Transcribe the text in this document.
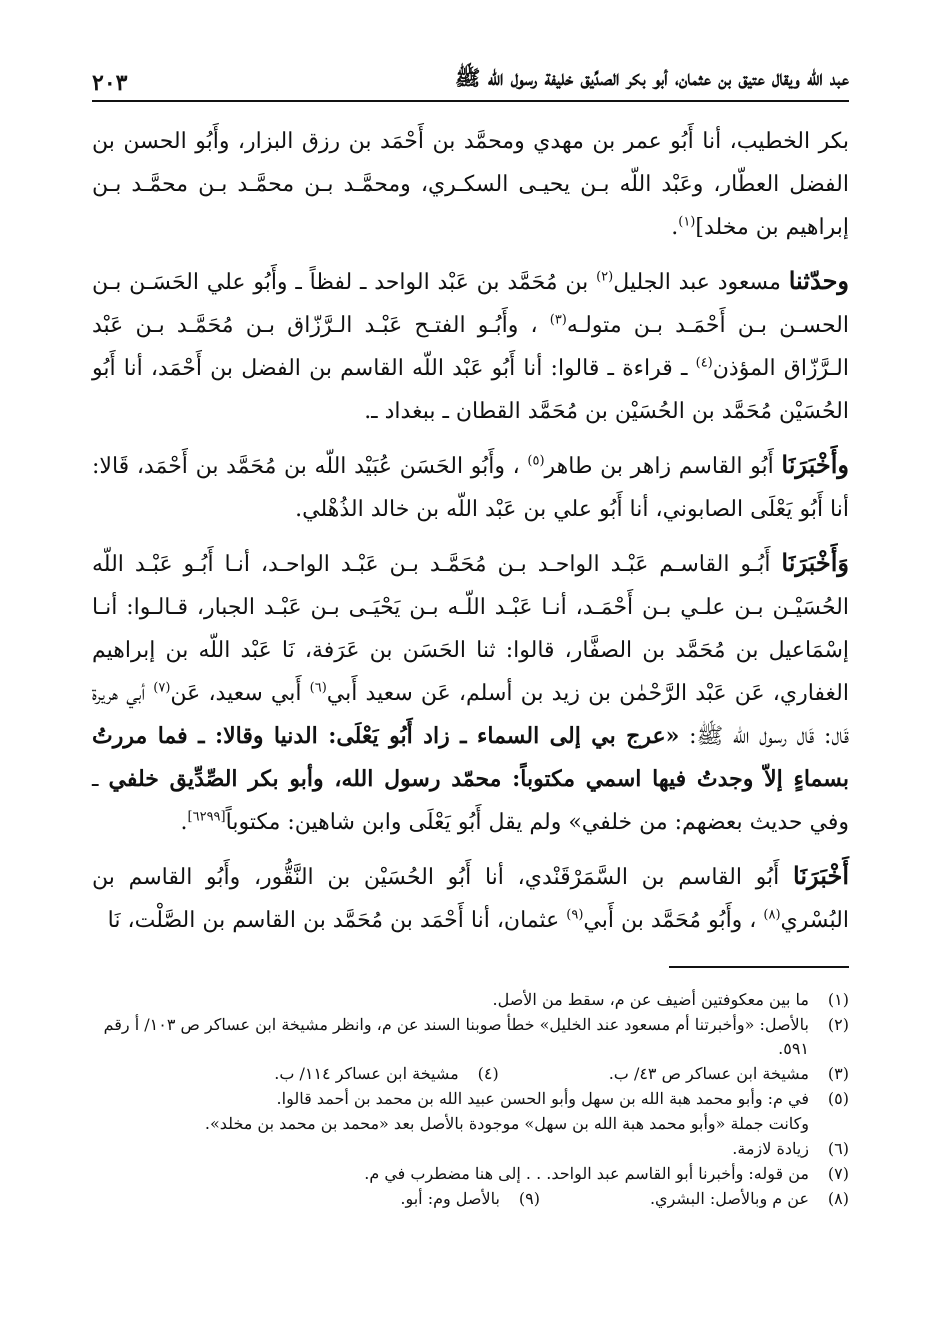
عبد الله ويقال عتيق بن عثمان، أبو بكر الصدِّيق خليفة رسول الله ﷺ
٢٠٣

بكر الخطيب، أنا أَبُو عمر بن مهدي ومحمَّد بن أَحْمَد بن رزق البزار، وأَبُو الحسن بن الفضل العطّار، وعَبْد اللّه بـن يحيـى السكـري، ومحمَّـد بـن محمَّـد بـن محمَّـد بـن إبراهيم بن مخلد]$^{(١)}$.

وحدّثنا مسعود عبد الجليل$^{(٢)}$ بن مُحَمَّد بن عَبْد الواحد ـ لفظاً ـ وأَبُو علي الحَسَـن بـن الحسـن بـن أَحْمَـد بـن متولـه$^{(٣)}$ ، وأَبُـو الفتـح عَبْـد الـرَّزّاق بـن مُحَمَّـد بـن عَبْد الـرَّزّاق المؤذن$^{(٤)}$ ـ قراءة ـ قالوا: أنا أَبُو عَبْد اللّه القاسم بن الفضل بن أَحْمَد، أنا أَبُو الحُسَيْن مُحَمَّد بن الحُسَيْن بن مُحَمَّد القطان ـ ببغداد ـ.

وأَخْبَرَنَا أَبُو القاسم زاهر بن طاهر$^{(٥)}$ ، وأَبُو الحَسَن عُبَيْد اللّه بن مُحَمَّد بن أَحْمَد، قَالا: أنا أَبُو يَعْلَى الصابوني، أنا أَبُو علي بن عَبْد اللّه بن خالد الذُهْلي.

وَأَخْبَرَنَا أَبُـو القاسـم عَبْـد الواحـد بـن مُحَمَّـد بـن عَبْـد الواحـد، أنـا أَبُـو عَبْـد اللّه الحُسَيْـن بـن علـي بـن أَحْمَـد، أنـا عَبْـد اللّـه بـن يَحْيَـى بـن عَبْـد الجبار، قـالـوا: أنـا إسْمَاعيل بن مُحَمَّد بن الصفَّار، قالوا: ثنا الحَسَن بن عَرَفة، نَا عَبْد اللّه بن إبراهيم الغفاري، عَن عَبْد الرَّحْمٰن بن زيد بن أسلم، عَن سعيد أَبي$^{(٦)}$ أَبي سعيد، عَن$^{(٧)}$ أبي هريرة قَال: قَال رسول اللّه ﷺ: «عرج بي إلى السماء ـ زاد أَبُو يَعْلَى: الدنيا وقالا: ـ فما مررتُ بسماءٍ إلاّ وجدتُ فيها اسمي مكتوباً: محمّد رسول الله، وأبو بكر الصِّدِّيق خلفي ـ وفي حديث بعضهم: من خلفي» ولم يقل أَبُو يَعْلَى وابن شاهين: مكتوباً[٦٢٩٩].

أَخْبَرَنَا أَبُو القاسم بن السَّمَرْقَنْدي، أنا أَبُو الحُسَيْن بن النَّقُّور، وأَبُو القاسم بن البُسْري$^{(٨)}$ ، وأَبُو مُحَمَّد بن أَبي$^{(٩)}$ عثمان، أنا أَحْمَد بن مُحَمَّد بن القاسم بن الصَّلْت، نَا

(١)
ما بين معكوفتين أضيف عن م، سقط من الأصل.
(٢)
بالأصل: «وأخبرتنا أم مسعود عند الخليل» خطأ صوبنا السند عن م، وانظر مشيخة ابن عساكر ص ١٠٣/ أ رقم ٥٩١.
(٣)
مشيخة ابن عساكر ص ٤٣/ ب.
(٤)
مشيخة ابن عساكر ١١٤/ ب.
(٥)
في م: وأبو محمد هبة الله بن سهل وأبو الحسن عبيد الله بن محمد بن أحمد قالوا.
وكانت جملة «وأبو محمد هبة الله بن سهل» موجودة بالأصل بعد «محمد بن محمد بن مخلد».
(٦)
زيادة لازمة.
(٧)
من قوله: وأخبرنا أبو القاسم عبد الواحد. . . إلى هنا مضطرب في م.
(٨)
عن م وبالأصل: البشري.
(٩)
بالأصل وم: أبو.
